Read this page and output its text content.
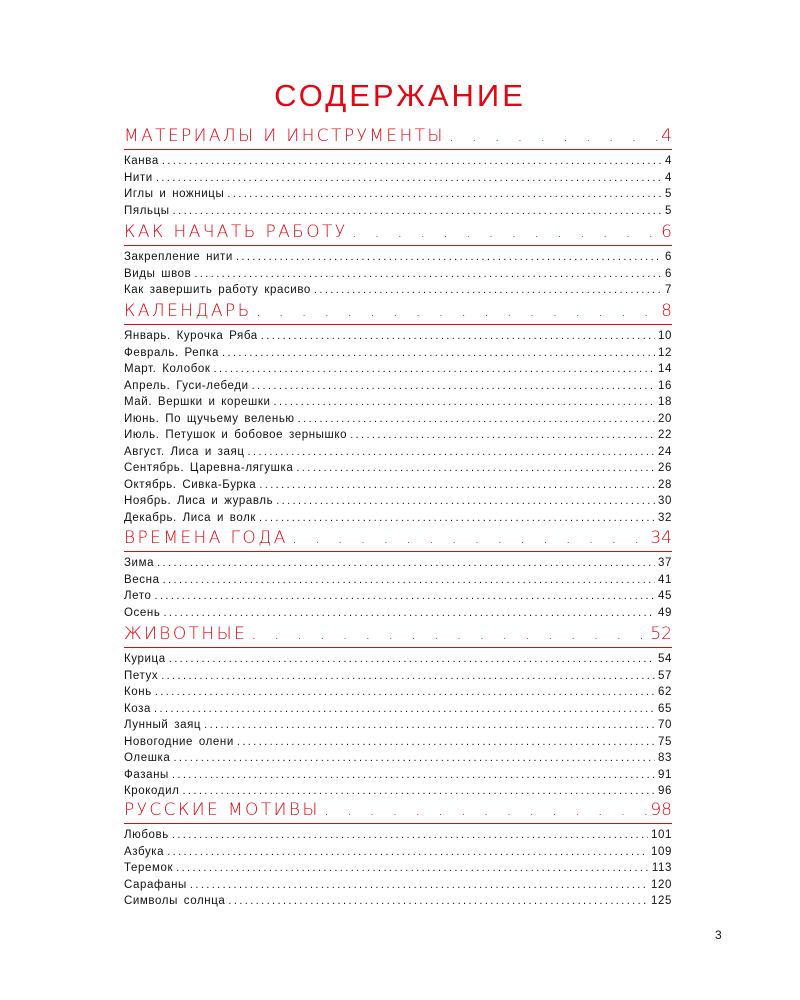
СОДЕРЖАНИЕ
МАТЕРИАЛЫ И ИНСТРУМЕНТЫ . . .	4
Канва .....	4
Нити .....	4
Иглы и ножницы .....	5
Пяльцы .....	5
КАК НАЧАТЬ РАБОТУ . . .	6
Закрепление нити .....	6
Виды швов .....	6
Как завершить работу красиво .....	7
КАЛЕНДАРЬ . . .	8
Январь. Курочка Ряба .....	10
Февраль. Репка .....	12
Март. Колобок .....	14
Апрель. Гуси-лебеди .....	16
Май. Вершки и корешки .....	18
Июнь. По щучьему веленью .....	20
Июль. Петушок и бобовое зернышко .....	22
Август. Лиса и заяц .....	24
Сентябрь. Царевна-лягушка .....	26
Октябрь. Сивка-Бурка .....	28
Ноябрь. Лиса и журавль .....	30
Декабрь. Лиса и волк .....	32
ВРЕМЕНА ГОДА . . .	34
Зима .....	37
Весна .....	41
Лето .....	45
Осень .....	49
ЖИВОТНЫЕ . . .	52
Курица .....	54
Петух .....	57
Конь .....	62
Коза .....	65
Лунный заяц .....	70
Новогодние олени .....	75
Олешка .....	83
Фазаны .....	91
Крокодил .....	96
РУССКИЕ МОТИВЫ . . .	98
Любовь .....	101
Азбука .....	109
Теремок .....	113
Сарафаны .....	120
Символы солнца .....	125
3
